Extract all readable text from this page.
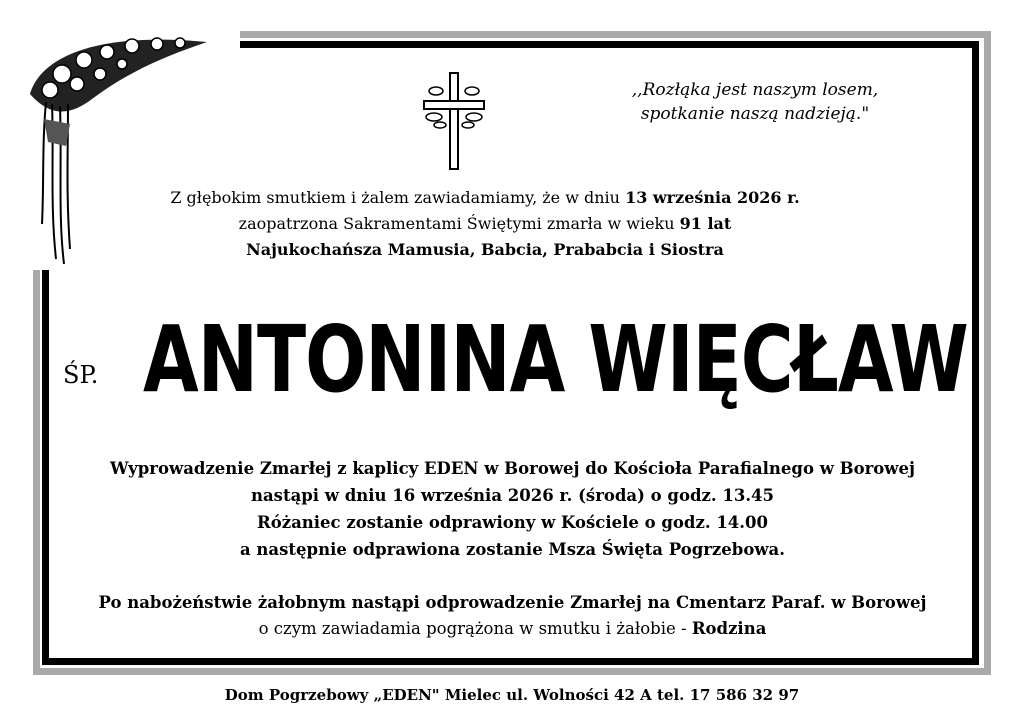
,,Rozłąka jest naszym losem,
spotkanie naszą nadzieją."
Z głębokim smutkiem i żalem zawiadamiamy, że w dniu 13 września 2026 r.
zaopatrzona Sakramentami Świętymi zmarła w wieku 91 lat
Najukochańsza Mamusia, Babcia, Prababcia i Siostra
ŚP. ANTONINA WIĘCŁAW
Wyprowadzenie Zmarłej z kaplicy EDEN w Borowej do Kościoła Parafialnego w Borowej
nastąpi w dniu 16 września 2026 r. (środa) o godz. 13.45
Różaniec zostanie odprawiony w Kościele o godz. 14.00
a następnie odprawiona zostanie Msza Święta Pogrzebowa.
Po nabożeństwie żałobnym nastąpi odprowadzenie Zmarłej na Cmentarz Paraf. w Borowej
o czym zawiadamia pogrążona w smutku i żałobie - Rodzina
Dom Pogrzebowy „EDEN" Mielec ul. Wolności 42 A tel. 17 586 32 97
